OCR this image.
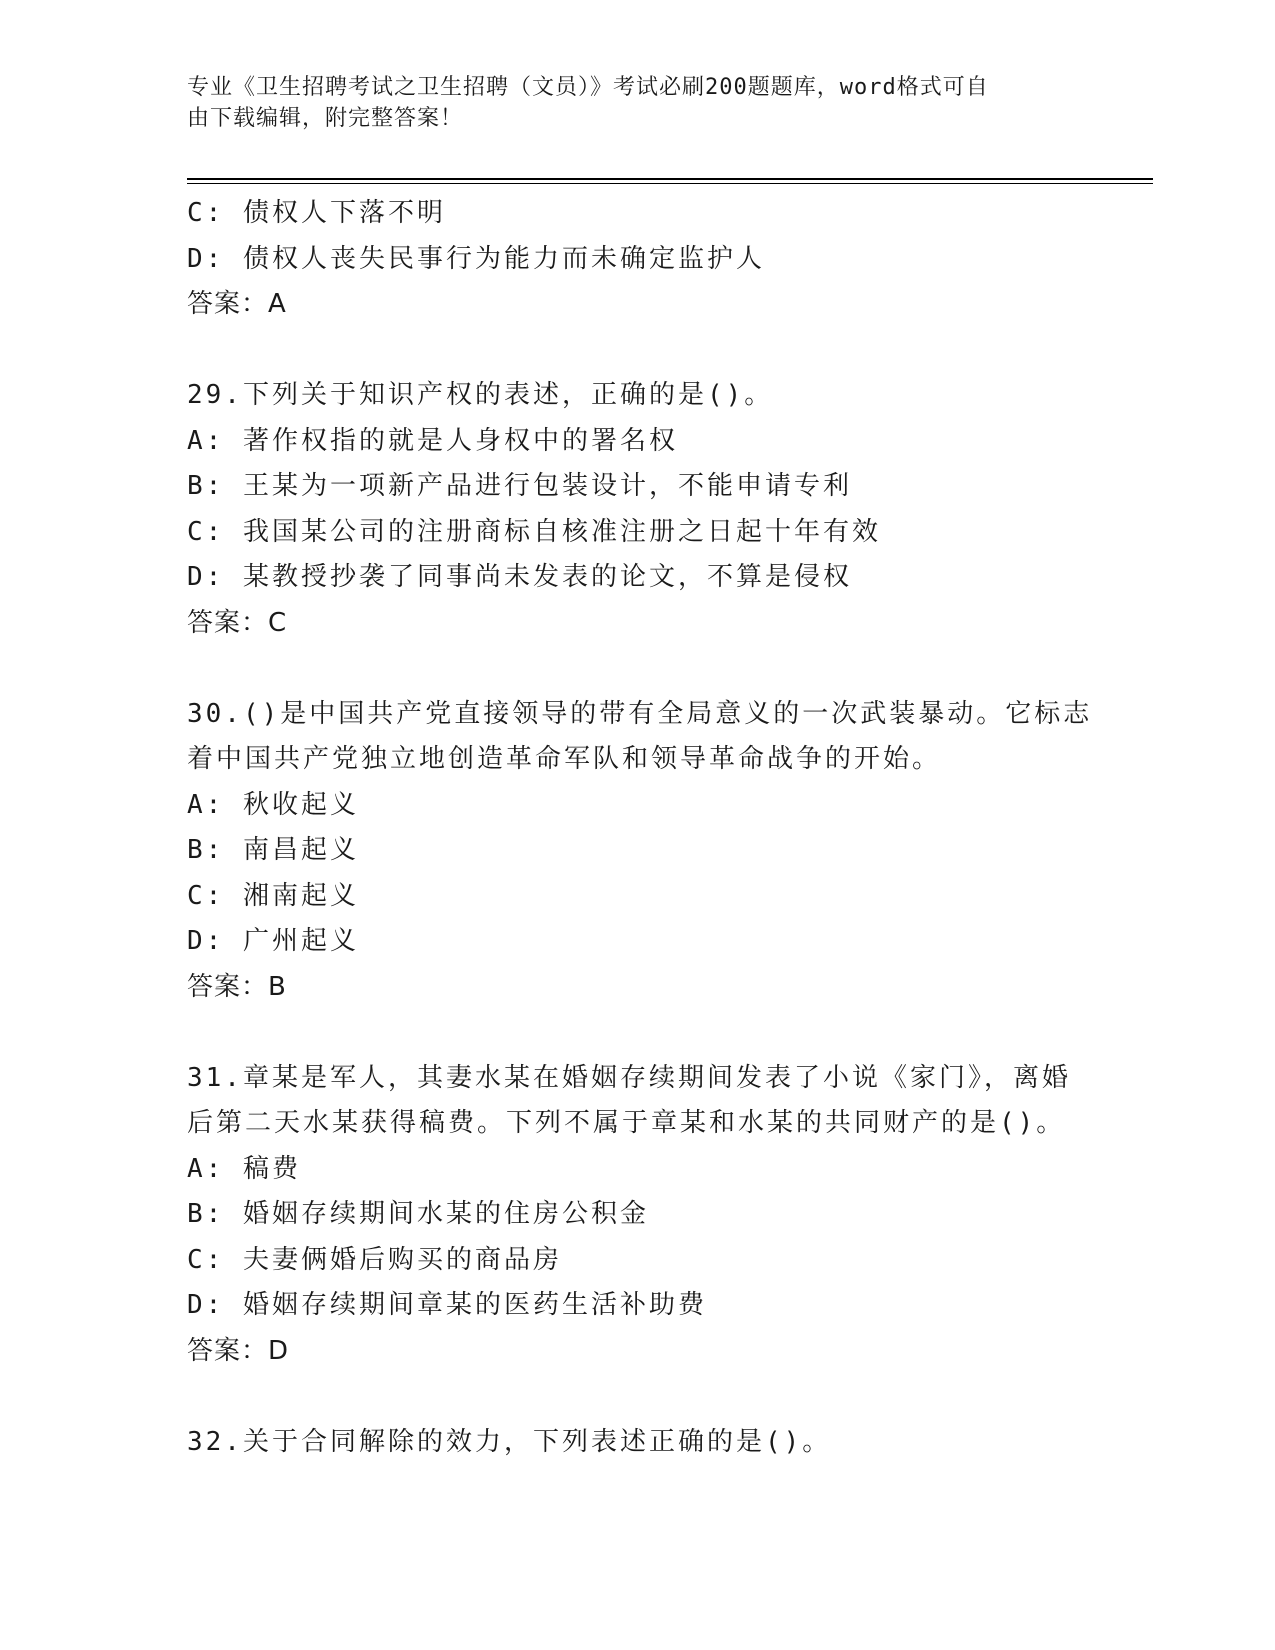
专业《卫生招聘考试之卫生招聘（文员）》考试必刷200题题库，word格式可自
由下载编辑，附完整答案！
C: 债权人下落不明
D: 债权人丧失民事行为能力而未确定监护人
答案：A
29.下列关于知识产权的表述，正确的是()。
A: 著作权指的就是人身权中的署名权
B: 王某为一项新产品进行包装设计，不能申请专利
C: 我国某公司的注册商标自核准注册之日起十年有效
D: 某教授抄袭了同事尚未发表的论文，不算是侵权
答案：C
30.()是中国共产党直接领导的带有全局意义的一次武装暴动。它标志
着中国共产党独立地创造革命军队和领导革命战争的开始。
A: 秋收起义
B: 南昌起义
C: 湘南起义
D: 广州起义
答案：B
31.章某是军人，其妻水某在婚姻存续期间发表了小说《家门》，离婚
后第二天水某获得稿费。下列不属于章某和水某的共同财产的是()。
A: 稿费
B: 婚姻存续期间水某的住房公积金
C: 夫妻俩婚后购买的商品房
D: 婚姻存续期间章某的医药生活补助费
答案：D
32.关于合同解除的效力，下列表述正确的是()。
